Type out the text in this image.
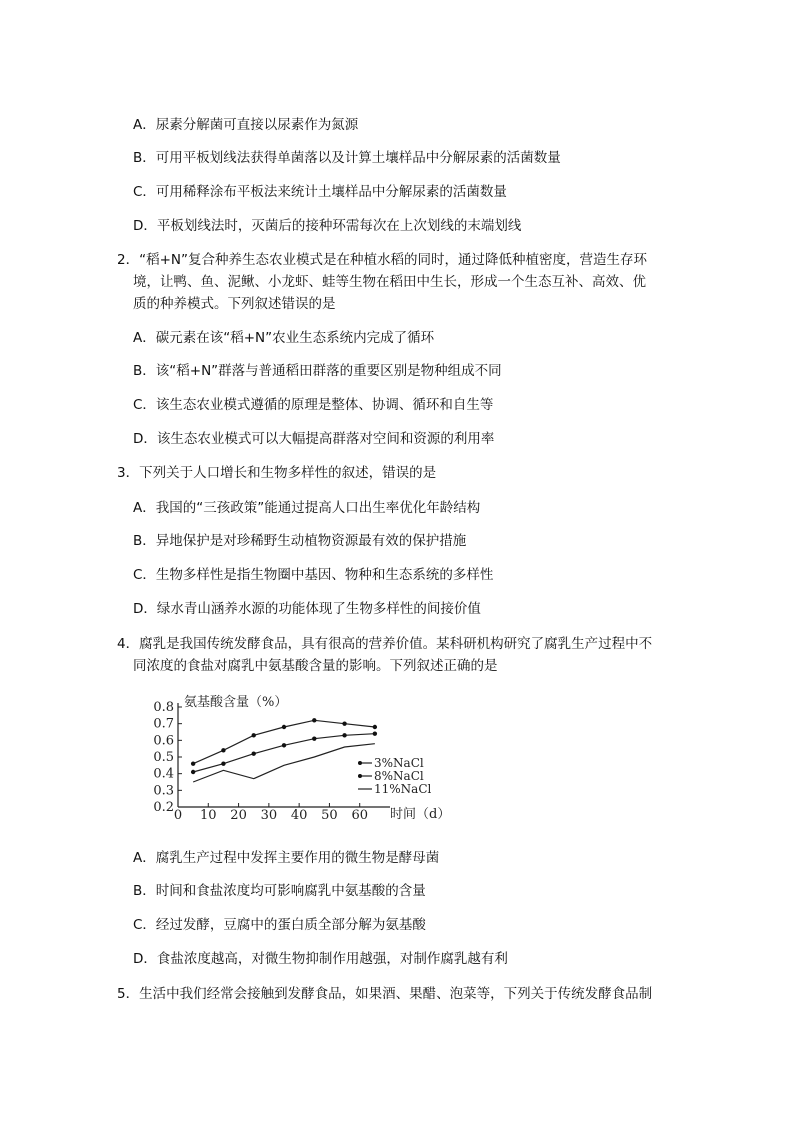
A．尿素分解菌可直接以尿素作为氮源
B．可用平板划线法获得单菌落以及计算土壤样品中分解尿素的活菌数量
C．可用稀释涂布平板法来统计土壤样品中分解尿素的活菌数量
D．平板划线法时，灭菌后的接种环需每次在上次划线的末端划线
2．“稻+N”复合种养生态农业模式是在种植水稻的同时，通过降低种植密度，营造生存环
境，让鸭、鱼、泥鳅、小龙虾、蛙等生物在稻田中生长，形成一个生态互补、高效、优
质的种养模式。下列叙述错误的是
A．碳元素在该“稻+N”农业生态系统内完成了循环
B．该“稻+N”群落与普通稻田群落的重要区别是物种组成不同
C．该生态农业模式遵循的原理是整体、协调、循环和自生等
D．该生态农业模式可以大幅提高群落对空间和资源的利用率
3．下列关于人口增长和生物多样性的叙述，错误的是
A．我国的“三孩政策”能通过提高人口出生率优化年龄结构
B．异地保护是对珍稀野生动植物资源最有效的保护措施
C．生物多样性是指生物圈中基因、物种和生态系统的多样性
D．绿水青山涵养水源的功能体现了生物多样性的间接价值
4．腐乳是我国传统发酵食品，具有很高的营养价值。某科研机构研究了腐乳生产过程中不
同浓度的食盐对腐乳中氨基酸含量的影响。下列叙述正确的是
0.2
0.3
0.4
0.5
0.6
0.7
0.8
0 10 20 30 40 50 60
3%NaCl
8%NaCl
11%NaCl
氨基酸含量（%）
时间（d）
A．腐乳生产过程中发挥主要作用的微生物是酵母菌
B．时间和食盐浓度均可影响腐乳中氨基酸的含量
C．经过发酵，豆腐中的蛋白质全部分解为氨基酸
D．食盐浓度越高，对微生物抑制作用越强，对制作腐乳越有利
5．生活中我们经常会接触到发酵食品，如果酒、果醋、泡菜等，下列关于传统发酵食品制
